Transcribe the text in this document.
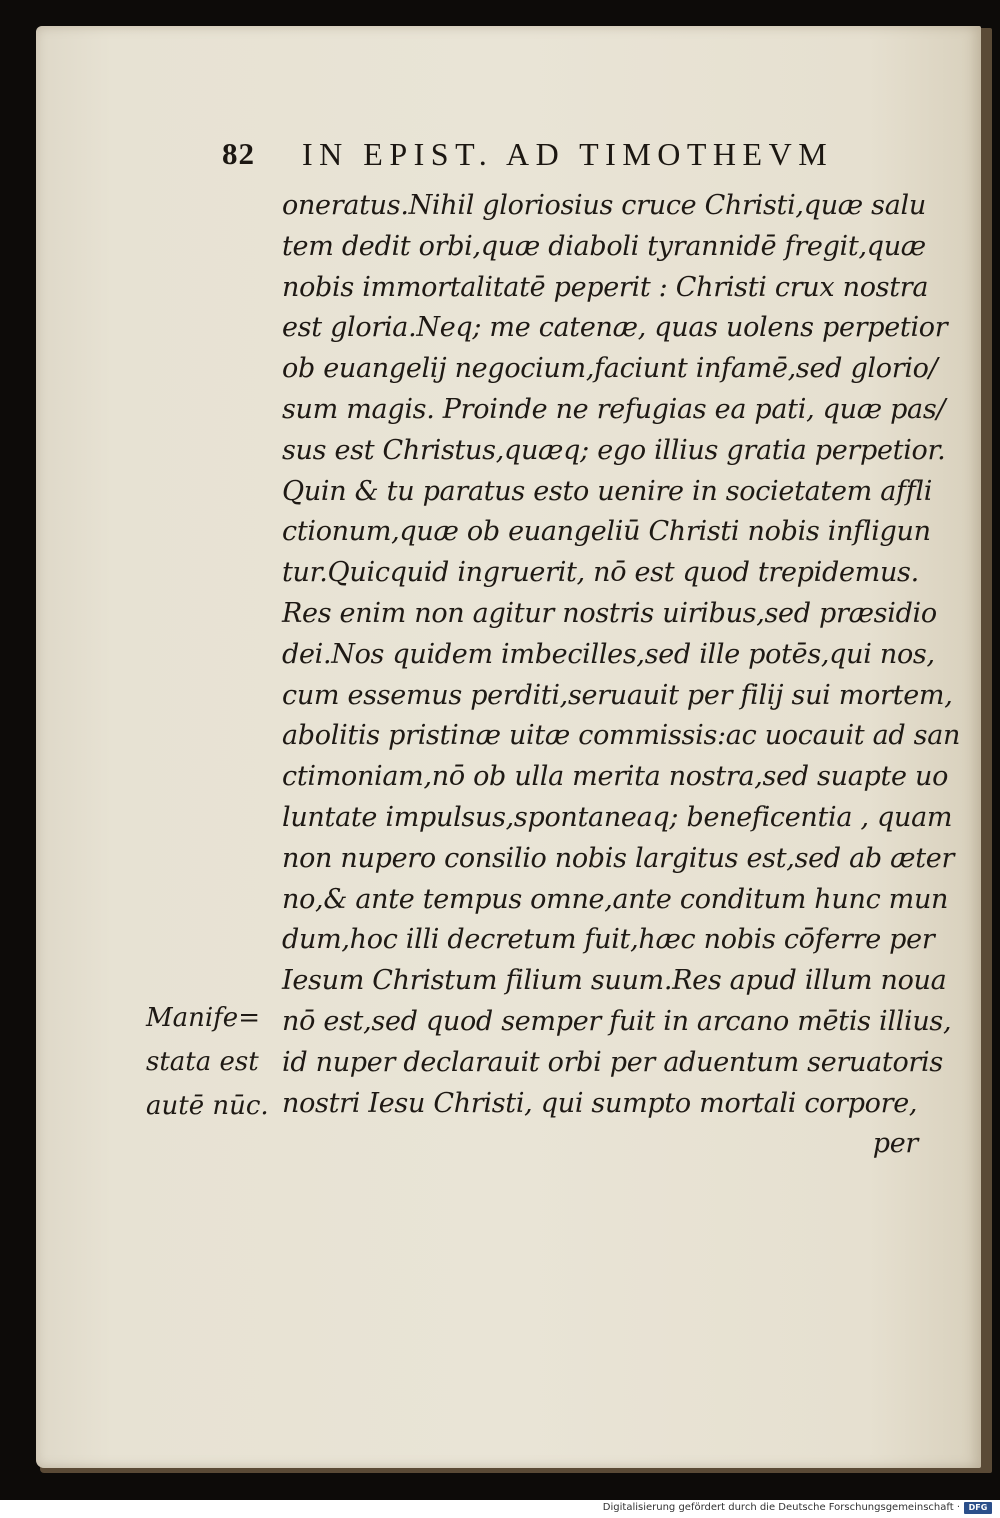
82 IN EPIST. AD TIMOTHEVM
oneratus.Nihil gloriosius cruce Christi,quæ salu
tem dedit orbi,quæ diaboli tyrannidē fregit,quæ
nobis immortalitatē peperit : Christi crux nostra
est gloria.Neq; me catenæ, quas uolens perpetior
ob euangelij negocium,faciunt infamē,sed glorio/
sum magis. Proinde ne refugias ea pati, quæ pas/
sus est Christus,quæq; ego illius gratia perpetior.
Quin & tu paratus esto uenire in societatem affli
ctionum,quæ ob euangeliū Christi nobis infligun
tur.Quicquid ingruerit, nō est quod trepidemus.
Res enim non agitur nostris uiribus,sed præsidio
dei.Nos quidem imbecilles,sed ille potēs,qui nos,
cum essemus perditi,seruauit per filij sui mortem,
abolitis pristinæ uitæ commissis:ac uocauit ad san
ctimoniam,nō ob ulla merita nostra,sed suapte uo
luntate impulsus,spontaneaq; beneficentia , quam
non nupero consilio nobis largitus est,sed ab æter
no,& ante tempus omne,ante conditum hunc mun
dum,hoc illi decretum fuit,hæc nobis cōferre per
Iesum Christum filium suum.Res apud illum noua
nō est,sed quod semper fuit in arcano mētis illius,
id nuper declarauit orbi per aduentum seruatoris
nostri Iesu Christi, qui sumpto mortali corpore,
per
Manife=
stata est
autē nūc.
Digitalisierung gefördert durch die Deutsche Forschungsgemeinschaft ·	DFG
